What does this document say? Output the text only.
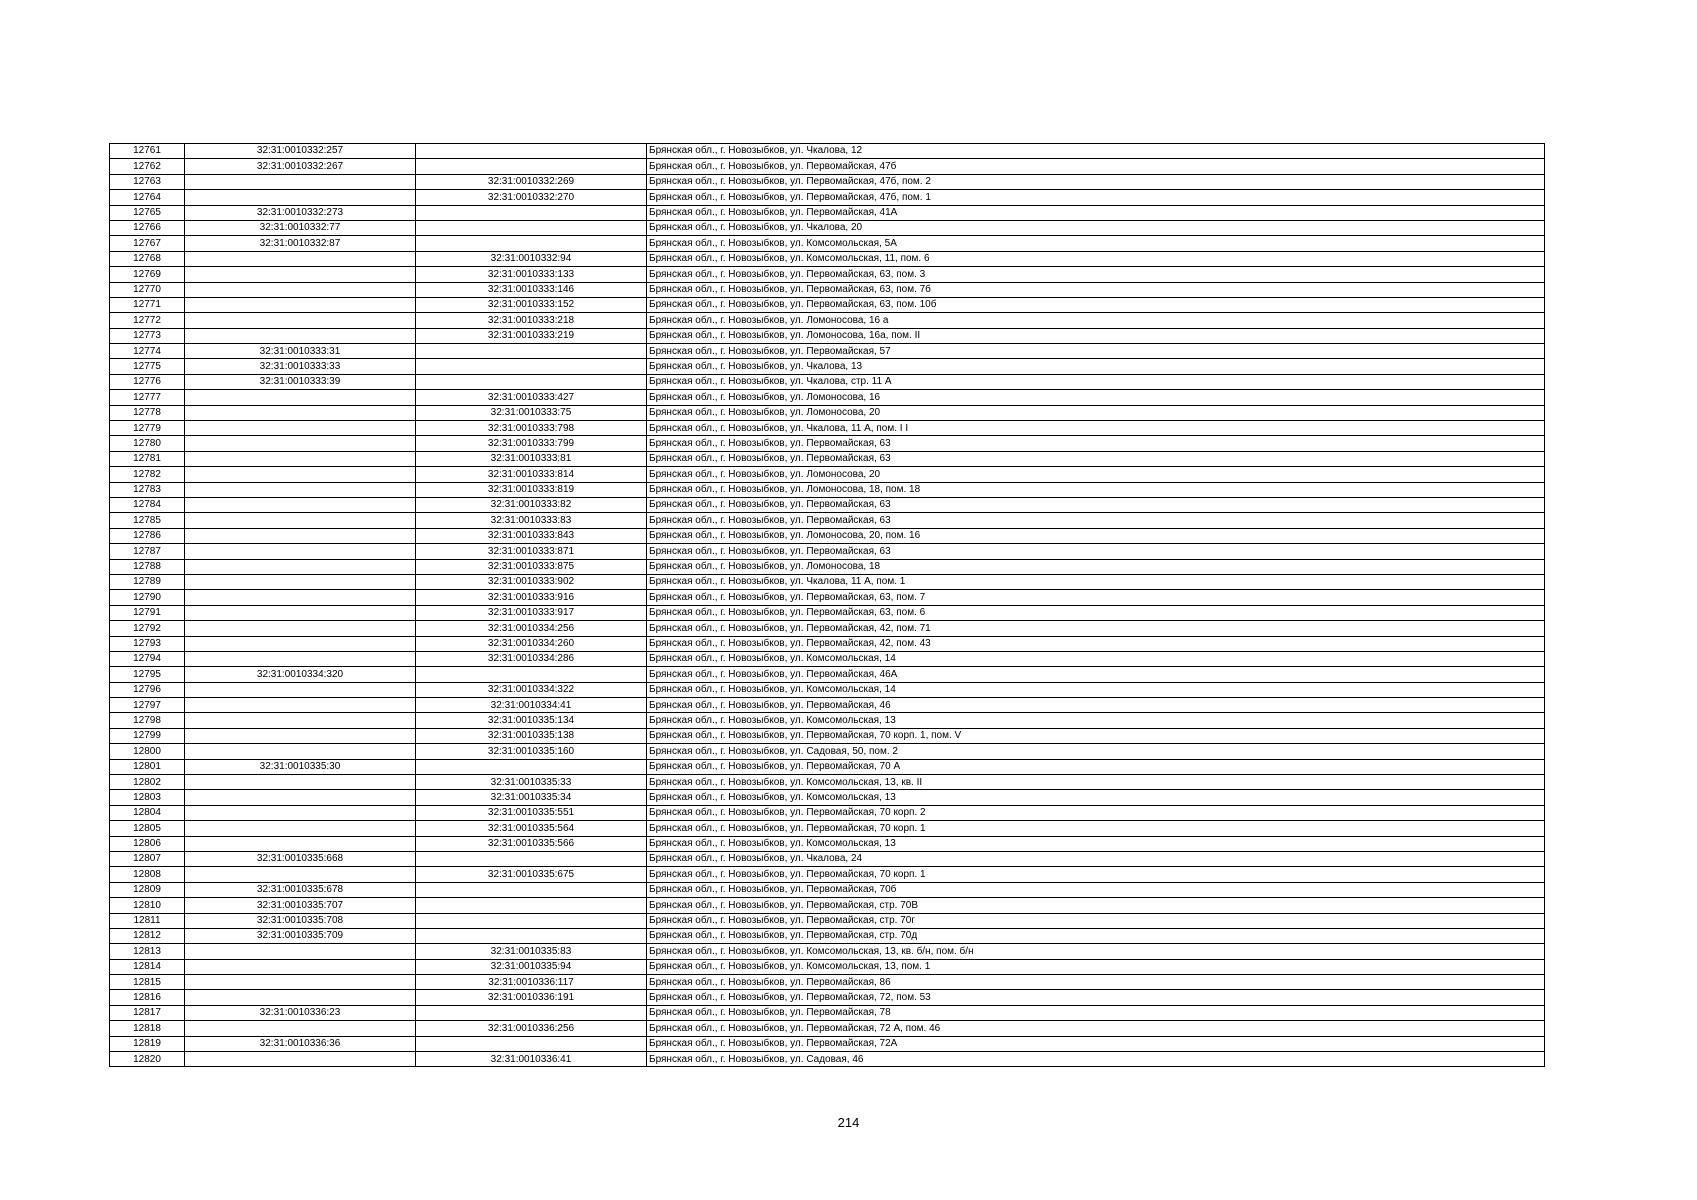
12761	32:31:0010332:257		Брянская обл., г. Новозыбков, ул. Чкалова, 12
12762	32:31:0010332:267		Брянская обл., г. Новозыбков, ул. Первомайская, 47б
12763		32:31:0010332:269	Брянская обл., г. Новозыбков, ул. Первомайская, 47б, пом. 2
12764		32:31:0010332:270	Брянская обл., г. Новозыбков, ул. Первомайская, 47б, пом. 1
12765	32:31:0010332:273		Брянская обл., г. Новозыбков, ул. Первомайская, 41А
12766	32:31:0010332:77		Брянская обл., г. Новозыбков, ул. Чкалова, 20
12767	32:31:0010332:87		Брянская обл., г. Новозыбков, ул. Комсомольская, 5А
12768		32:31:0010332:94	Брянская обл., г. Новозыбков, ул. Комсомольская, 11, пом. 6
12769		32:31:0010333:133	Брянская обл., г. Новозыбков, ул. Первомайская, 63, пом. 3
12770		32:31:0010333:146	Брянская обл., г. Новозыбков, ул. Первомайская, 63, пом. 7б
12771		32:31:0010333:152	Брянская обл., г. Новозыбков, ул. Первомайская, 63, пом. 10б
12772		32:31:0010333:218	Брянская обл., г. Новозыбков, ул. Ломоносова, 16 а
12773		32:31:0010333:219	Брянская обл., г. Новозыбков, ул. Ломоносова, 16а, пом. II
12774	32:31:0010333:31		Брянская обл., г. Новозыбков, ул. Первомайская, 57
12775	32:31:0010333:33		Брянская обл., г. Новозыбков, ул. Чкалова, 13
12776	32:31:0010333:39		Брянская обл., г. Новозыбков, ул. Чкалова, стр. 11 А
12777		32:31:0010333:427	Брянская обл., г. Новозыбков, ул. Ломоносова, 16
12778		32:31:0010333:75	Брянская обл., г. Новозыбков, ул. Ломоносова, 20
12779		32:31:0010333:798	Брянская обл., г. Новозыбков, ул. Чкалова, 11 А, пом. I I
12780		32:31:0010333:799	Брянская обл., г. Новозыбков, ул. Первомайская, 63
12781		32:31:0010333:81	Брянская обл., г. Новозыбков, ул. Первомайская, 63
12782		32:31:0010333:814	Брянская обл., г. Новозыбков, ул. Ломоносова, 20
12783		32:31:0010333:819	Брянская обл., г. Новозыбков, ул. Ломоносова, 18, пом. 18
12784		32:31:0010333:82	Брянская обл., г. Новозыбков, ул. Первомайская, 63
12785		32:31:0010333:83	Брянская обл., г. Новозыбков, ул. Первомайская, 63
12786		32:31:0010333:843	Брянская обл., г. Новозыбков, ул. Ломоносова, 20, пом. 16
12787		32:31:0010333:871	Брянская обл., г. Новозыбков, ул. Первомайская, 63
12788		32:31:0010333:875	Брянская обл., г. Новозыбков, ул. Ломоносова, 18
12789		32:31:0010333:902	Брянская обл., г. Новозыбков, ул. Чкалова, 11 А, пом. 1
12790		32:31:0010333:916	Брянская обл., г. Новозыбков, ул. Первомайская, 63, пом. 7
12791		32:31:0010333:917	Брянская обл., г. Новозыбков, ул. Первомайская, 63, пом. 6
12792		32:31:0010334:256	Брянская обл., г. Новозыбков, ул. Первомайская, 42, пом. 71
12793		32:31:0010334:260	Брянская обл., г. Новозыбков, ул. Первомайская, 42, пом. 43
12794		32:31:0010334:286	Брянская обл., г. Новозыбков, ул. Комсомольская, 14
12795	32:31:0010334:320		Брянская обл., г. Новозыбков, ул. Первомайская, 46А
12796		32:31:0010334:322	Брянская обл., г. Новозыбков, ул. Комсомольская, 14
12797		32:31:0010334:41	Брянская обл., г. Новозыбков, ул. Первомайская, 46
12798		32:31:0010335:134	Брянская обл., г. Новозыбков, ул. Комсомольская, 13
12799		32:31:0010335:138	Брянская обл., г. Новозыбков, ул. Первомайская, 70 корп. 1, пом. V
12800		32:31:0010335:160	Брянская обл., г. Новозыбков, ул. Садовая, 50, пом. 2
12801	32:31:0010335:30		Брянская обл., г. Новозыбков, ул. Первомайская, 70 А
12802		32:31:0010335:33	Брянская обл., г. Новозыбков, ул. Комсомольская, 13, кв. II
12803		32:31:0010335:34	Брянская обл., г. Новозыбков, ул. Комсомольская, 13
12804		32:31:0010335:551	Брянская обл., г. Новозыбков, ул. Первомайская, 70 корп. 2
12805		32:31:0010335:564	Брянская обл., г. Новозыбков, ул. Первомайская, 70 корп. 1
12806		32:31:0010335:566	Брянская обл., г. Новозыбков, ул. Комсомольская, 13
12807	32:31:0010335:668		Брянская обл., г. Новозыбков, ул. Чкалова, 24
12808		32:31:0010335:675	Брянская обл., г. Новозыбков, ул. Первомайская, 70 корп. 1
12809	32:31:0010335:678		Брянская обл., г. Новозыбков, ул. Первомайская, 70б
12810	32:31:0010335:707		Брянская обл., г. Новозыбков, ул. Первомайская, стр. 70В
12811	32:31:0010335:708		Брянская обл., г. Новозыбков, ул. Первомайская, стр. 70г
12812	32:31:0010335:709		Брянская обл., г. Новозыбков, ул. Первомайская, стр. 70д
12813		32:31:0010335:83	Брянская обл., г. Новозыбков, ул. Комсомольская, 13, кв. б/н, пом. б/н
12814		32:31:0010335:94	Брянская обл., г. Новозыбков, ул. Комсомольская, 13, пом. 1
12815		32:31:0010336:117	Брянская обл., г. Новозыбков, ул. Первомайская, 86
12816		32:31:0010336:191	Брянская обл., г. Новозыбков, ул. Первомайская, 72, пом. 53
12817	32:31:0010336:23		Брянская обл., г. Новозыбков, ул. Первомайская, 78
12818		32:31:0010336:256	Брянская обл., г. Новозыбков, ул. Первомайская, 72 А, пом. 46
12819	32:31:0010336:36		Брянская обл., г. Новозыбков, ул. Первомайская, 72А
12820		32:31:0010336:41	Брянская обл., г. Новозыбков, ул. Садовая, 46
214
